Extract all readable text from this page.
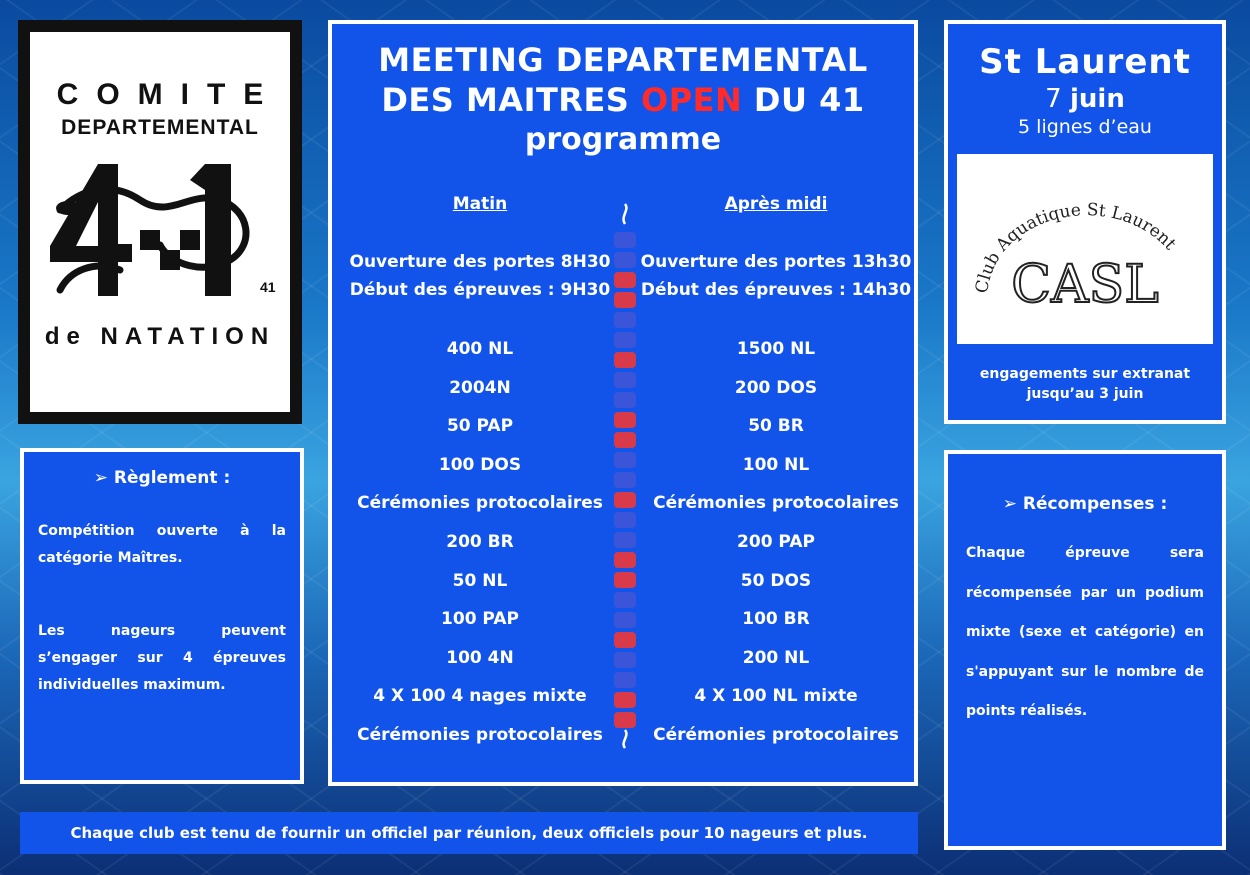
COMITE
DEPARTEMENTAL
41
de NATATION
➢ Règlement :

Compétition ouverte à la catégorie Maîtres.

Les nageurs peuvent s’engager sur 4 épreuves individuelles maximum.

MEETING DEPARTEMENTAL
DES MAITRES OPEN DU 41
programme
Matin
Ouverture des portes 8H30
Début des épreuves : 9H30
400 NL
2004N
50 PAP
100 DOS
Cérémonies protocolaires
200 BR
50 NL
100 PAP
100 4N
4 X 100 4 nages mixte
Cérémonies protocolaires
Après midi
Ouverture des portes 13h30
Début des épreuves : 14h30
1500 NL
200 DOS
50 BR
100 NL
Cérémonies protocolaires
200 PAP
50 DOS
100 BR
200 NL
4 X 100 NL mixte
Cérémonies protocolaires
St Laurent
7 juin
5 lignes d’eau
Club Aquatique St Laurent
CASL
engagements sur extranat
jusqu’au 3 juin
➢ Récompenses :

Chaque épreuve sera récompensée par un podium mixte (sexe et catégorie) en s'appuyant sur le nombre de points réalisés.

Chaque club est tenu de fournir un officiel par réunion, deux officiels pour 10 nageurs et plus.
